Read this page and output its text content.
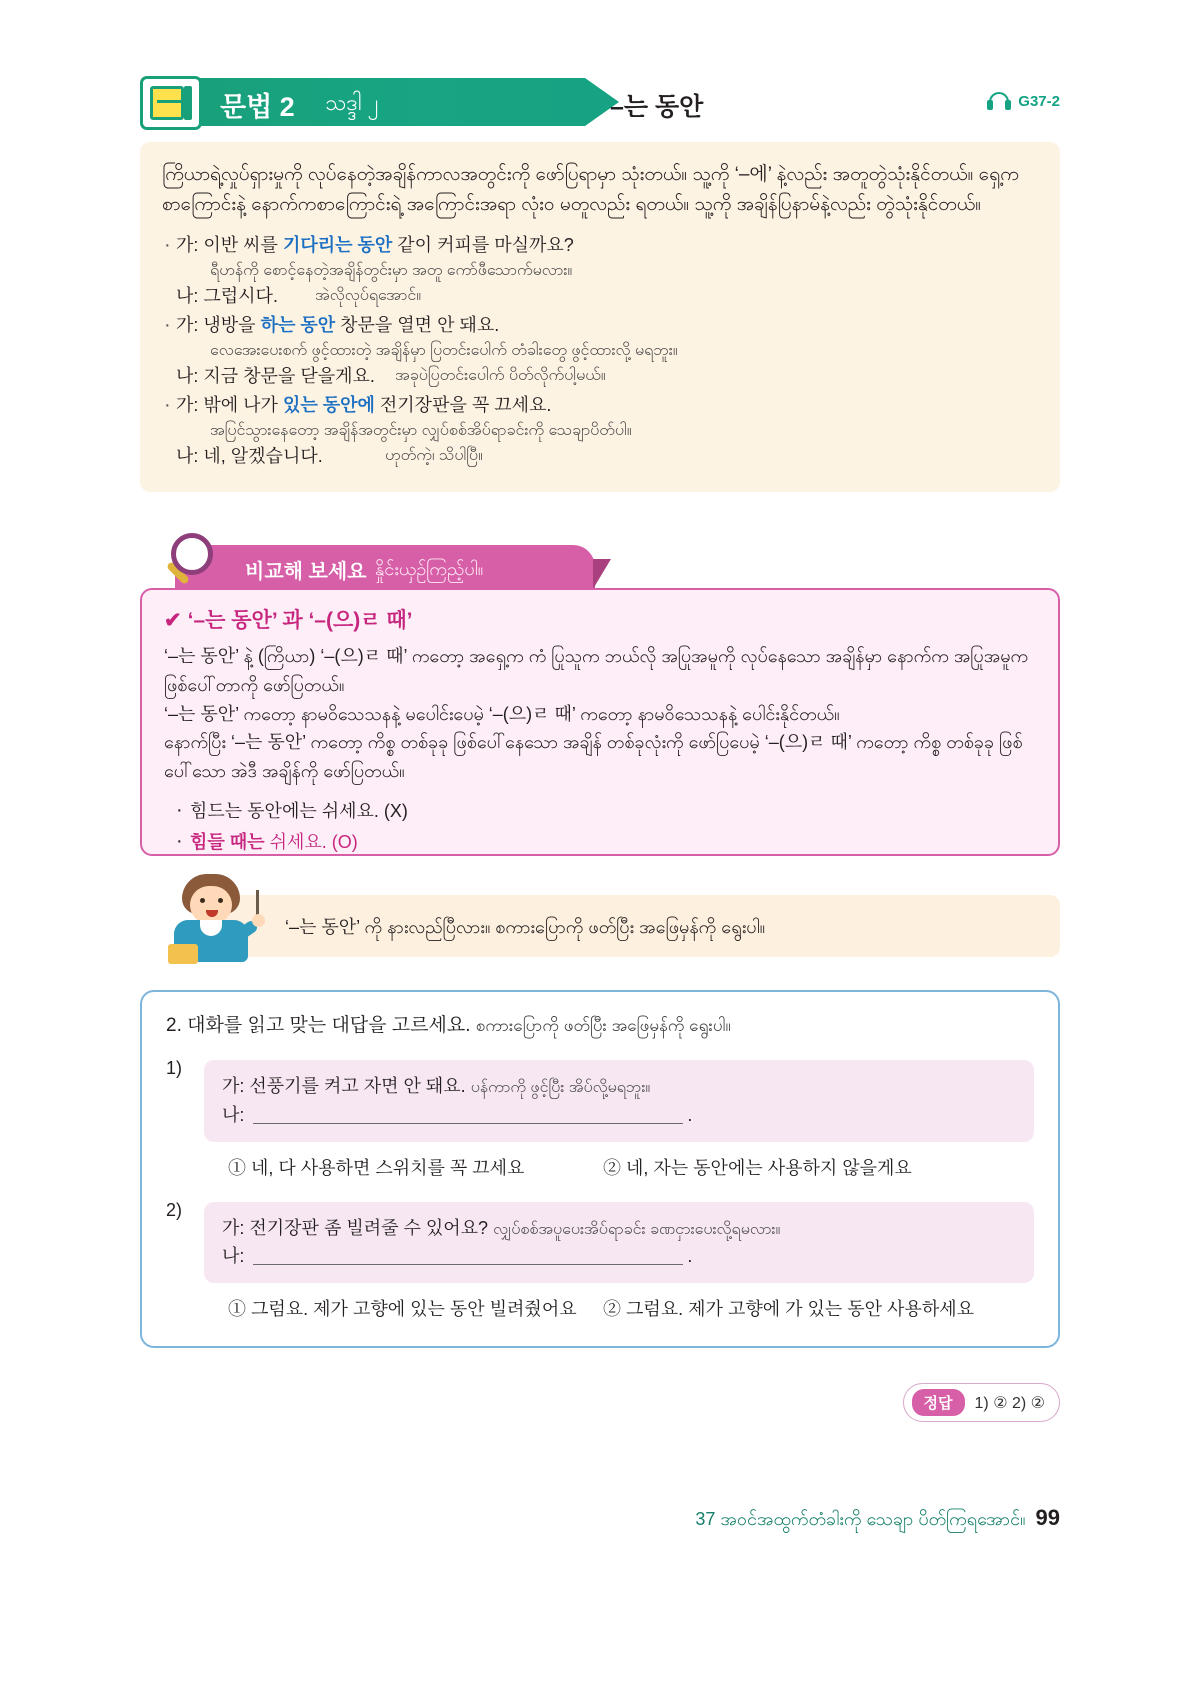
문법 2 သဒ္ဒါ ၂	–는 동안	G37-2
ကြိယာရဲ့လှုပ်ရှားမှုကို လုပ်နေတဲ့အချိန်ကာလအတွင်းကို ဖော်ပြရာမှာ သုံးတယ်။ သူ့ကို ‘–에’ နဲ့လည်း အတူတွဲသုံးနိုင်တယ်။ ရှေ့က စာကြောင်းနဲ့ နောက်ကစာကြောင်းရဲ့ အကြောင်းအရာ လုံးဝ မတူလည်း ရတယ်။ သူ့ကို အချိန်ပြနာမ်နဲ့လည်း တွဲသုံးနိုင်တယ်။
· 가: 이반 씨를 기다리는 동안 같이 커피를 마실까요?
ရီဟန်ကို စောင့်နေတဲ့အချိန်တွင်းမှာ အတူ ကော်ဖီသောက်မလား။
나: 그럽시다.	အဲလိုလုပ်ရအောင်။
· 가: 냉방을 하는 동안 창문을 열면 안 돼요.
လေအေးပေးစက် ဖွင့်ထားတဲ့ အချိန်မှာ ပြတင်းပေါက် တံခါးတွေ ဖွင့်ထားလို့ မရဘူး။
나: 지금 창문을 닫을게요.	အခုပဲပြတင်းပေါက် ပိတ်လိုက်ပါ့မယ်။
· 가: 밖에 나가 있는 동안에 전기장판을 꼭 끄세요.
အပြင်သွားနေတော့ အချိန်အတွင်းမှာ လျှပ်စစ်အိပ်ရာခင်းကို သေချာပိတ်ပါ။
나: 네, 알겠습니다.	ဟုတ်ကဲ့၊ သိပါပြီ။
비교해 보세요 နှိုင်းယှဉ်ကြည့်ပါ။
✔ ‘–는 동안’ 과 ‘–(으)ㄹ 때’
‘–는 동안’ နဲ့ (ကြိယာ) ‘–(으)ㄹ 때’ ကတော့ အရှေ့က ကံ ပြုသူက ဘယ်လို အပြုအမူကို လုပ်နေသော အချိန်မှာ နောက်က အပြုအမူက ဖြစ်ပေါ်တာကို ဖော်ပြတယ်။
‘–는 동안’ ကတော့ နာမဝိသေသနနဲ့ မပေါင်းပေမဲ့ ‘–(으)ㄹ 때’ ကတော့ နာမဝိသေသနနဲ့ ပေါင်းနိုင်တယ်။
နောက်ပြီး ‘–는 동안’ ကတော့ ကိစ္စ တစ်ခုခု ဖြစ်ပေါ်နေသော အချိန် တစ်ခုလုံးကို ဖော်ပြပေမဲ့ ‘–(으)ㄹ 때’ ကတော့ ကိစ္စ တစ်ခုခု ဖြစ်ပေါ်သော အဲဒီ အချိန်ကို ဖော်ပြတယ်။
· 힘드는 동안에는 쉬세요. (X)
· 힘들 때는 쉬세요. (O)
‘–는 동안’ ကို နားလည်ပြီလား။ စကားပြောကို ဖတ်ပြီး အဖြေမှန်ကို ရွေးပါ။
2. 대화를 읽고 맞는 대답을 고르세요. စကားပြောကို ဖတ်ပြီး အဖြေမှန်ကို ရွေးပါ။
1)
가: 선풍기를 켜고 자면 안 돼요. ပန်ကာကို ဖွင့်ပြီး အိပ်လို့မရဘူး။
나:	.
① 네, 다 사용하면 스위치를 꼭 끄세요	② 네, 자는 동안에는 사용하지 않을게요
2)
가: 전기장판 좀 빌려줄 수 있어요? လျှပ်စစ်အပူပေးအိပ်ရာခင်း ခဏငှားပေးလို့ရမလား။
나:	.
① 그럼요. 제가 고향에 있는 동안 빌려줬어요	② 그럼요. 제가 고향에 가 있는 동안 사용하세요
정답	1) ② 2) ②
37 အဝင်အထွက်တံခါးကို သေချာ ပိတ်ကြရအောင်။ 99
